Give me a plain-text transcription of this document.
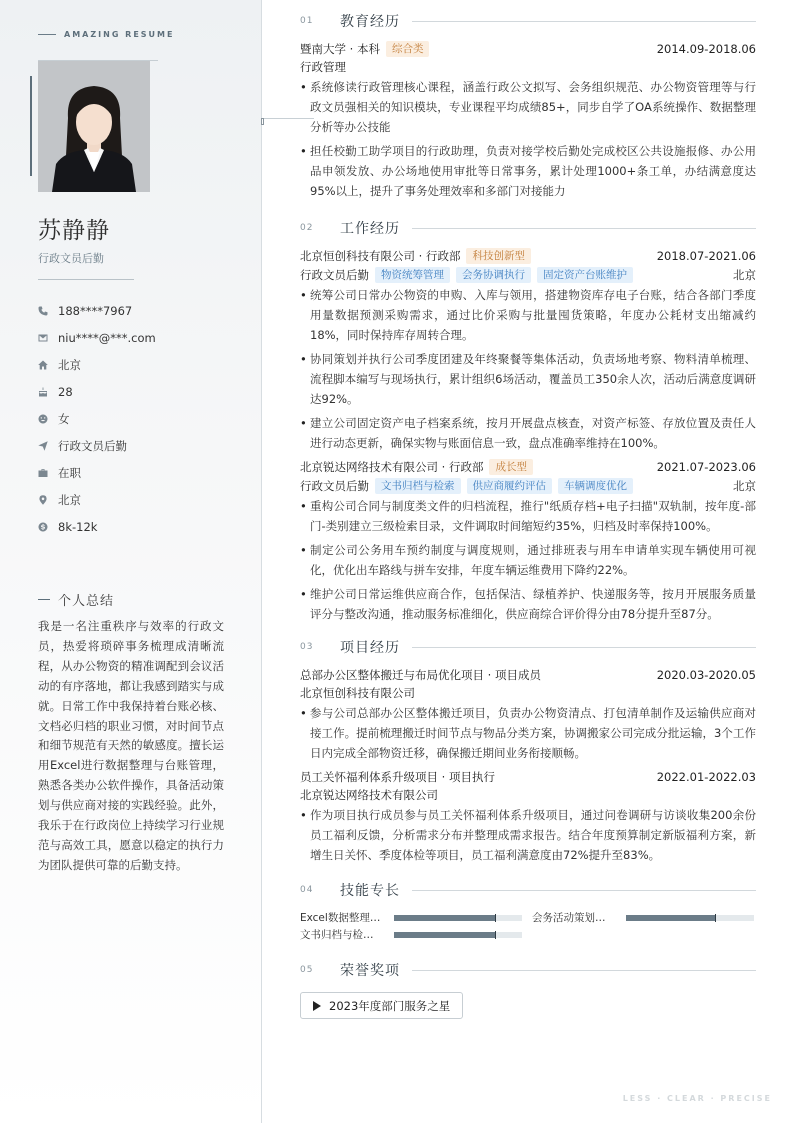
AMAZING RESUME
苏静静
行政文员后勤
188****7967
niu****@***.com
北京
28
女
行政文员后勤
在职
北京
8k-12k
个人总结

我是一名注重秩序与效率的行政文员，热爱将琐碎事务梳理成清晰流程，从办公物资的精准调配到会议活动的有序落地，都让我感到踏实与成就。日常工作中我保持着台账必核、文档必归档的职业习惯，对时间节点和细节规范有天然的敏感度。擅长运用Excel进行数据整理与台账管理，熟悉各类办公软件操作，具备活动策划与供应商对接的实践经验。此外，我乐于在行政岗位上持续学习行业规范与高效工具，愿意以稳定的执行力为团队提供可靠的后勤支持。

01	教育经历
暨南大学 · 本科	综合类	2014.09-2018.06
行政管理
• 系统修读行政管理核心课程，涵盖行政公文拟写、会务组织规范、办公物资管理等与行政文员强相关的知识模块，专业课程平均成绩85+，同步自学了OA系统操作、数据整理分析等办公技能
• 担任校勤工助学项目的行政助理，负责对接学校后勤处完成校区公共设施报修、办公用品申领发放、办公场地使用审批等日常事务，累计处理1000+条工单，办结满意度达95%以上，提升了事务处理效率和多部门对接能力
02	工作经历
北京恒创科技有限公司 · 行政部	科技创新型	2018.07-2021.06
行政文员后勤	物资统筹管理	会务协调执行	固定资产台账维护	北京
• 统筹公司日常办公物资的申购、入库与领用，搭建物资库存电子台账，结合各部门季度用量数据预测采购需求，通过比价采购与批量囤货策略，年度办公耗材支出缩减约18%，同时保持库存周转合理。
• 协同策划并执行公司季度团建及年终聚餐等集体活动，负责场地考察、物料清单梳理、流程脚本编写与现场执行，累计组织6场活动，覆盖员工350余人次，活动后满意度调研达92%。
• 建立公司固定资产电子档案系统，按月开展盘点核查，对资产标签、存放位置及责任人进行动态更新，确保实物与账面信息一致，盘点准确率维持在100%。
北京锐达网络技术有限公司 · 行政部	成长型	2021.07-2023.06
行政文员后勤	文书归档与检索	供应商履约评估	车辆调度优化	北京
• 重构公司合同与制度类文件的归档流程，推行"纸质存档+电子扫描"双轨制，按年度-部门-类别建立三级检索目录，文件调取时间缩短约35%，归档及时率保持100%。
• 制定公司公务用车预约制度与调度规则，通过排班表与用车申请单实现车辆使用可视化，优化出车路线与拼车安排，年度车辆运维费用下降约22%。
• 维护公司日常运维供应商合作，包括保洁、绿植养护、快递服务等，按月开展服务质量评分与整改沟通，推动服务标准细化，供应商综合评价得分由78分提升至87分。
03	项目经历
总部办公区整体搬迁与布局优化项目 · 项目成员	2020.03-2020.05
北京恒创科技有限公司
• 参与公司总部办公区整体搬迁项目，负责办公物资清点、打包清单制作及运输供应商对接工作。提前梳理搬迁时间节点与物品分类方案，协调搬家公司完成分批运输，3个工作日内完成全部物资迁移，确保搬迁期间业务衔接顺畅。
员工关怀福利体系升级项目 · 项目执行	2022.01-2022.03
北京锐达网络技术有限公司
• 作为项目执行成员参与员工关怀福利体系升级项目，通过问卷调研与访谈收集200余份员工福利反馈，分析需求分布并整理成需求报告。结合年度预算制定新版福利方案，新增生日关怀、季度体检等项目，员工福利满意度由72%提升至83%。
04	技能专长
Excel数据整理…	会务活动策划…
文书归档与检…
05	荣誉奖项
2023年度部门服务之星
LESS · CLEAR · PRECISE
